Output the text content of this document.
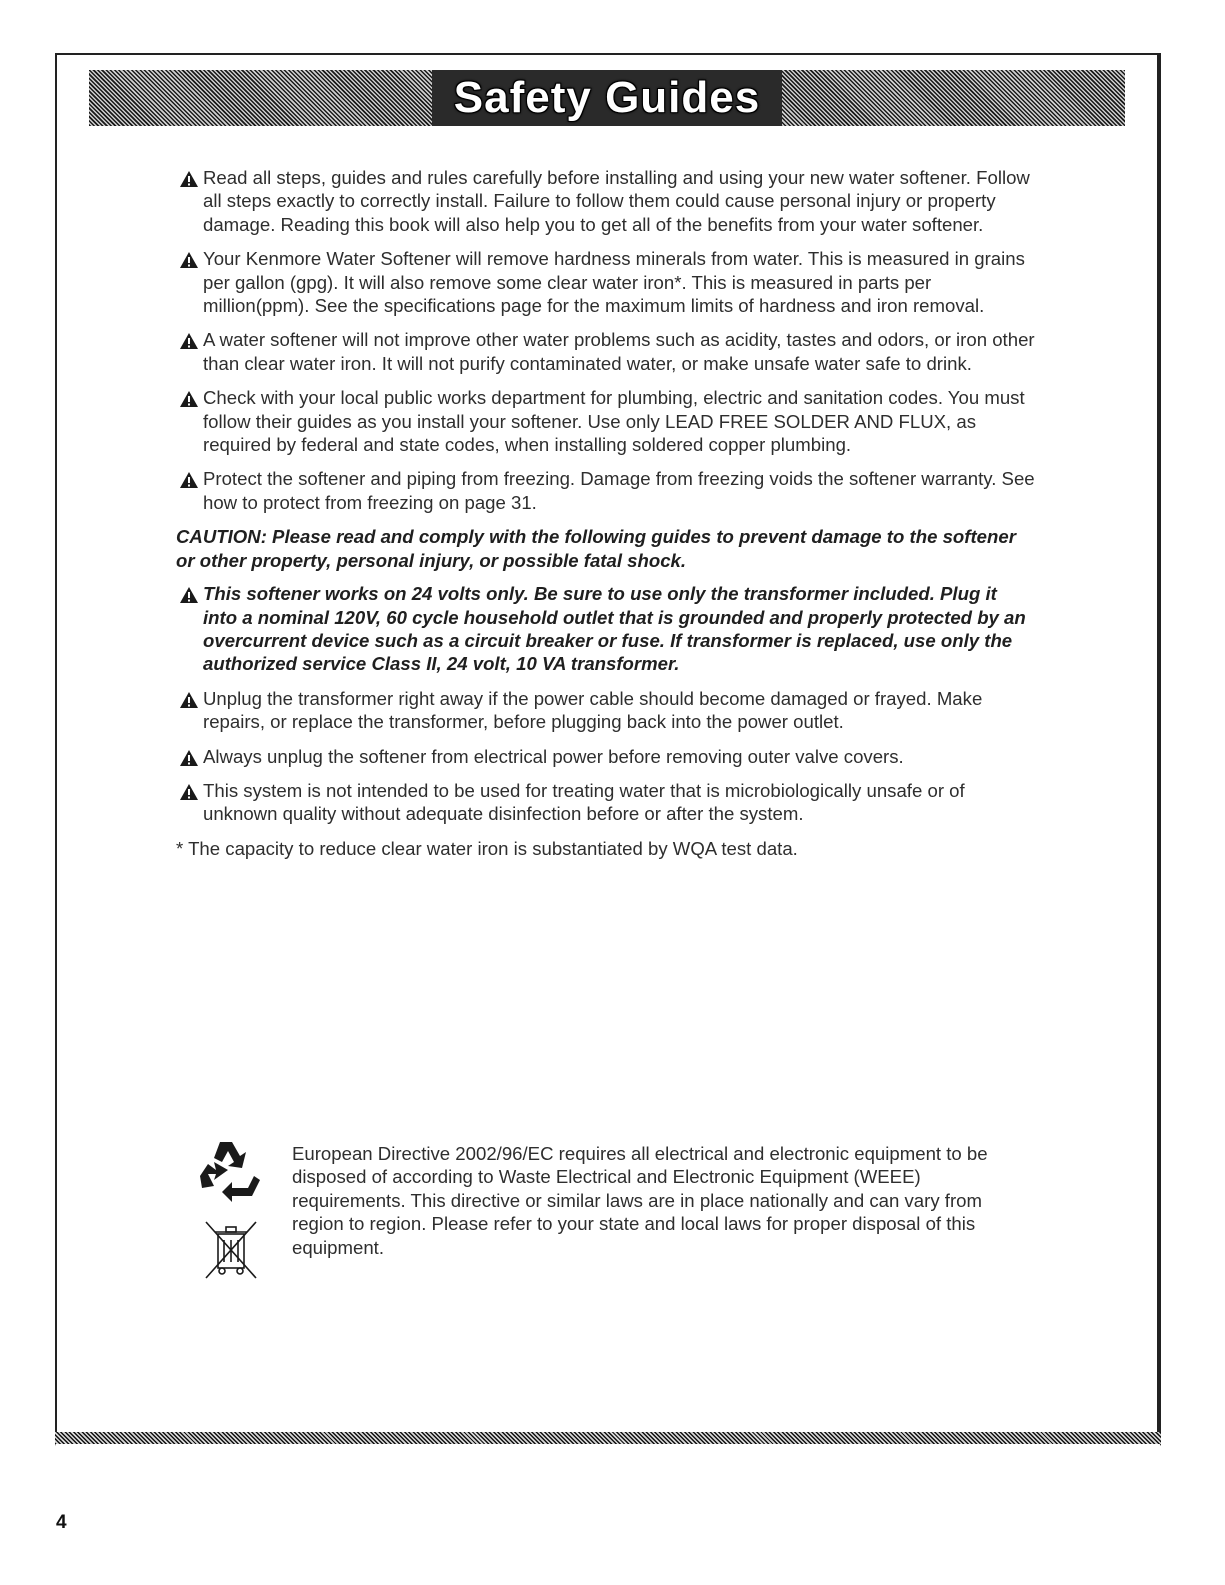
Safety Guides
Read all steps, guides and rules carefully before installing and using your new water softener. Follow all steps exactly to correctly install. Failure to follow them could cause personal injury or property damage. Reading this book will also help you to get all of the benefits from your water softener.
Your Kenmore Water Softener will remove hardness minerals from water. This is measured in grains per gallon (gpg). It will also remove some clear water iron*. This is measured in parts per million(ppm). See the specifications page for the maximum limits of hardness and iron removal.
A water softener will not improve other water problems such as acidity, tastes and odors, or iron other than clear water iron. It will not purify contaminated water, or make unsafe water safe to drink.
Check with your local public works department for plumbing, electric and sanitation codes. You must follow their guides as you install your softener. Use only LEAD FREE SOLDER AND FLUX, as required by federal and state codes, when installing soldered copper plumbing.
Protect the softener and piping from freezing. Damage from freezing voids the softener warranty. See how to protect from freezing on page 31.
CAUTION: Please read and comply with the following guides to prevent damage to the softener or other property, personal injury, or possible fatal shock.
This softener works on 24 volts only. Be sure to use only the transformer included. Plug it into a nominal 120V, 60 cycle household outlet that is grounded and properly protected by an overcurrent device such as a circuit breaker or fuse. If transformer is replaced, use only the authorized service Class II, 24 volt, 10 VA transformer.
Unplug the transformer right away if the power cable should become damaged or frayed. Make repairs, or replace the transformer, before plugging back into the power outlet.
Always unplug the softener from electrical power before removing outer valve covers.
This system is not intended to be used for treating water that is microbiologically unsafe or of unknown quality without adequate disinfection before or after the system.
* The capacity to reduce clear water iron is substantiated by WQA test data.
European Directive 2002/96/EC requires all electrical and electronic equipment to be disposed of according to Waste Electrical and Electronic Equipment (WEEE) requirements. This directive or similar laws are in place nationally and can vary from region to region. Please refer to your state and local laws for proper disposal of this equipment.
4
